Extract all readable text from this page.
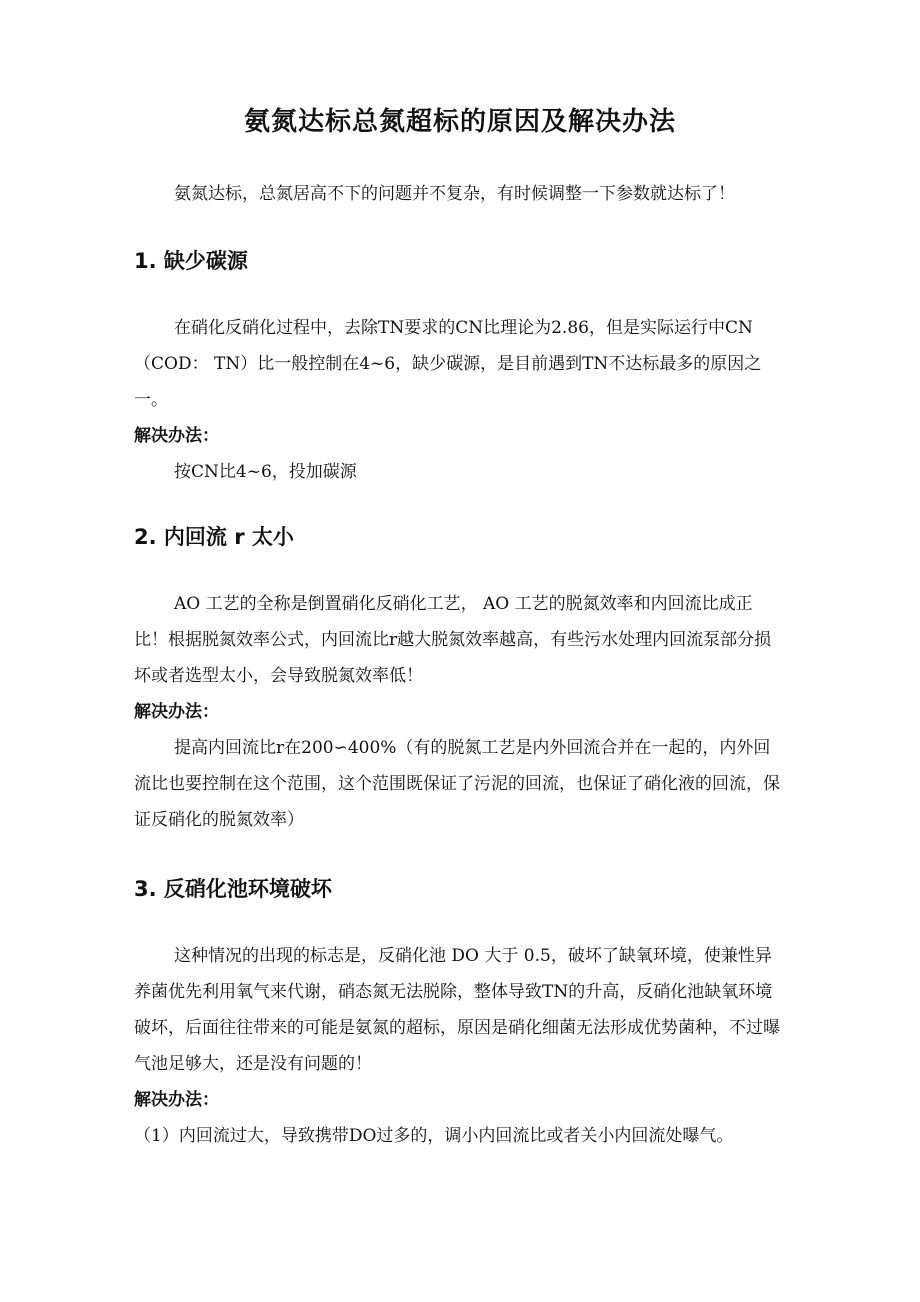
氨氮达标总氮超标的原因及解决办法
氨氮达标，总氮居高不下的问题并不复杂，有时候调整一下参数就达标了！
1. 缺少碳源
在硝化反硝化过程中，去除TN要求的CN比理论为2.86，但是实际运行中CN（COD： TN）比一般控制在4~6，缺少碳源，是目前遇到TN不达标最多的原因之一。
解决办法：
按CN比4~6，投加碳源
2. 内回流 r 太小
AO 工艺的全称是倒置硝化反硝化工艺， AO 工艺的脱氮效率和内回流比成正比！根据脱氮效率公式，内回流比r越大脱氮效率越高，有些污水处理内回流泵部分损坏或者选型太小，会导致脱氮效率低！
解决办法：
提高内回流比r在200∽400%（有的脱氮工艺是内外回流合并在一起的，内外回流比也要控制在这个范围，这个范围既保证了污泥的回流，也保证了硝化液的回流，保证反硝化的脱氮效率）
3. 反硝化池环境破坏
这种情况的出现的标志是，反硝化池 DO 大于 0.5，破坏了缺氧环境，使兼性异养菌优先利用氧气来代谢，硝态氮无法脱除，整体导致TN的升高，反硝化池缺氧环境破坏，后面往往带来的可能是氨氮的超标，原因是硝化细菌无法形成优势菌种，不过曝气池足够大，还是没有问题的！
解决办法：
（1）内回流过大，导致携带DO过多的，调小内回流比或者关小内回流处曝气。
